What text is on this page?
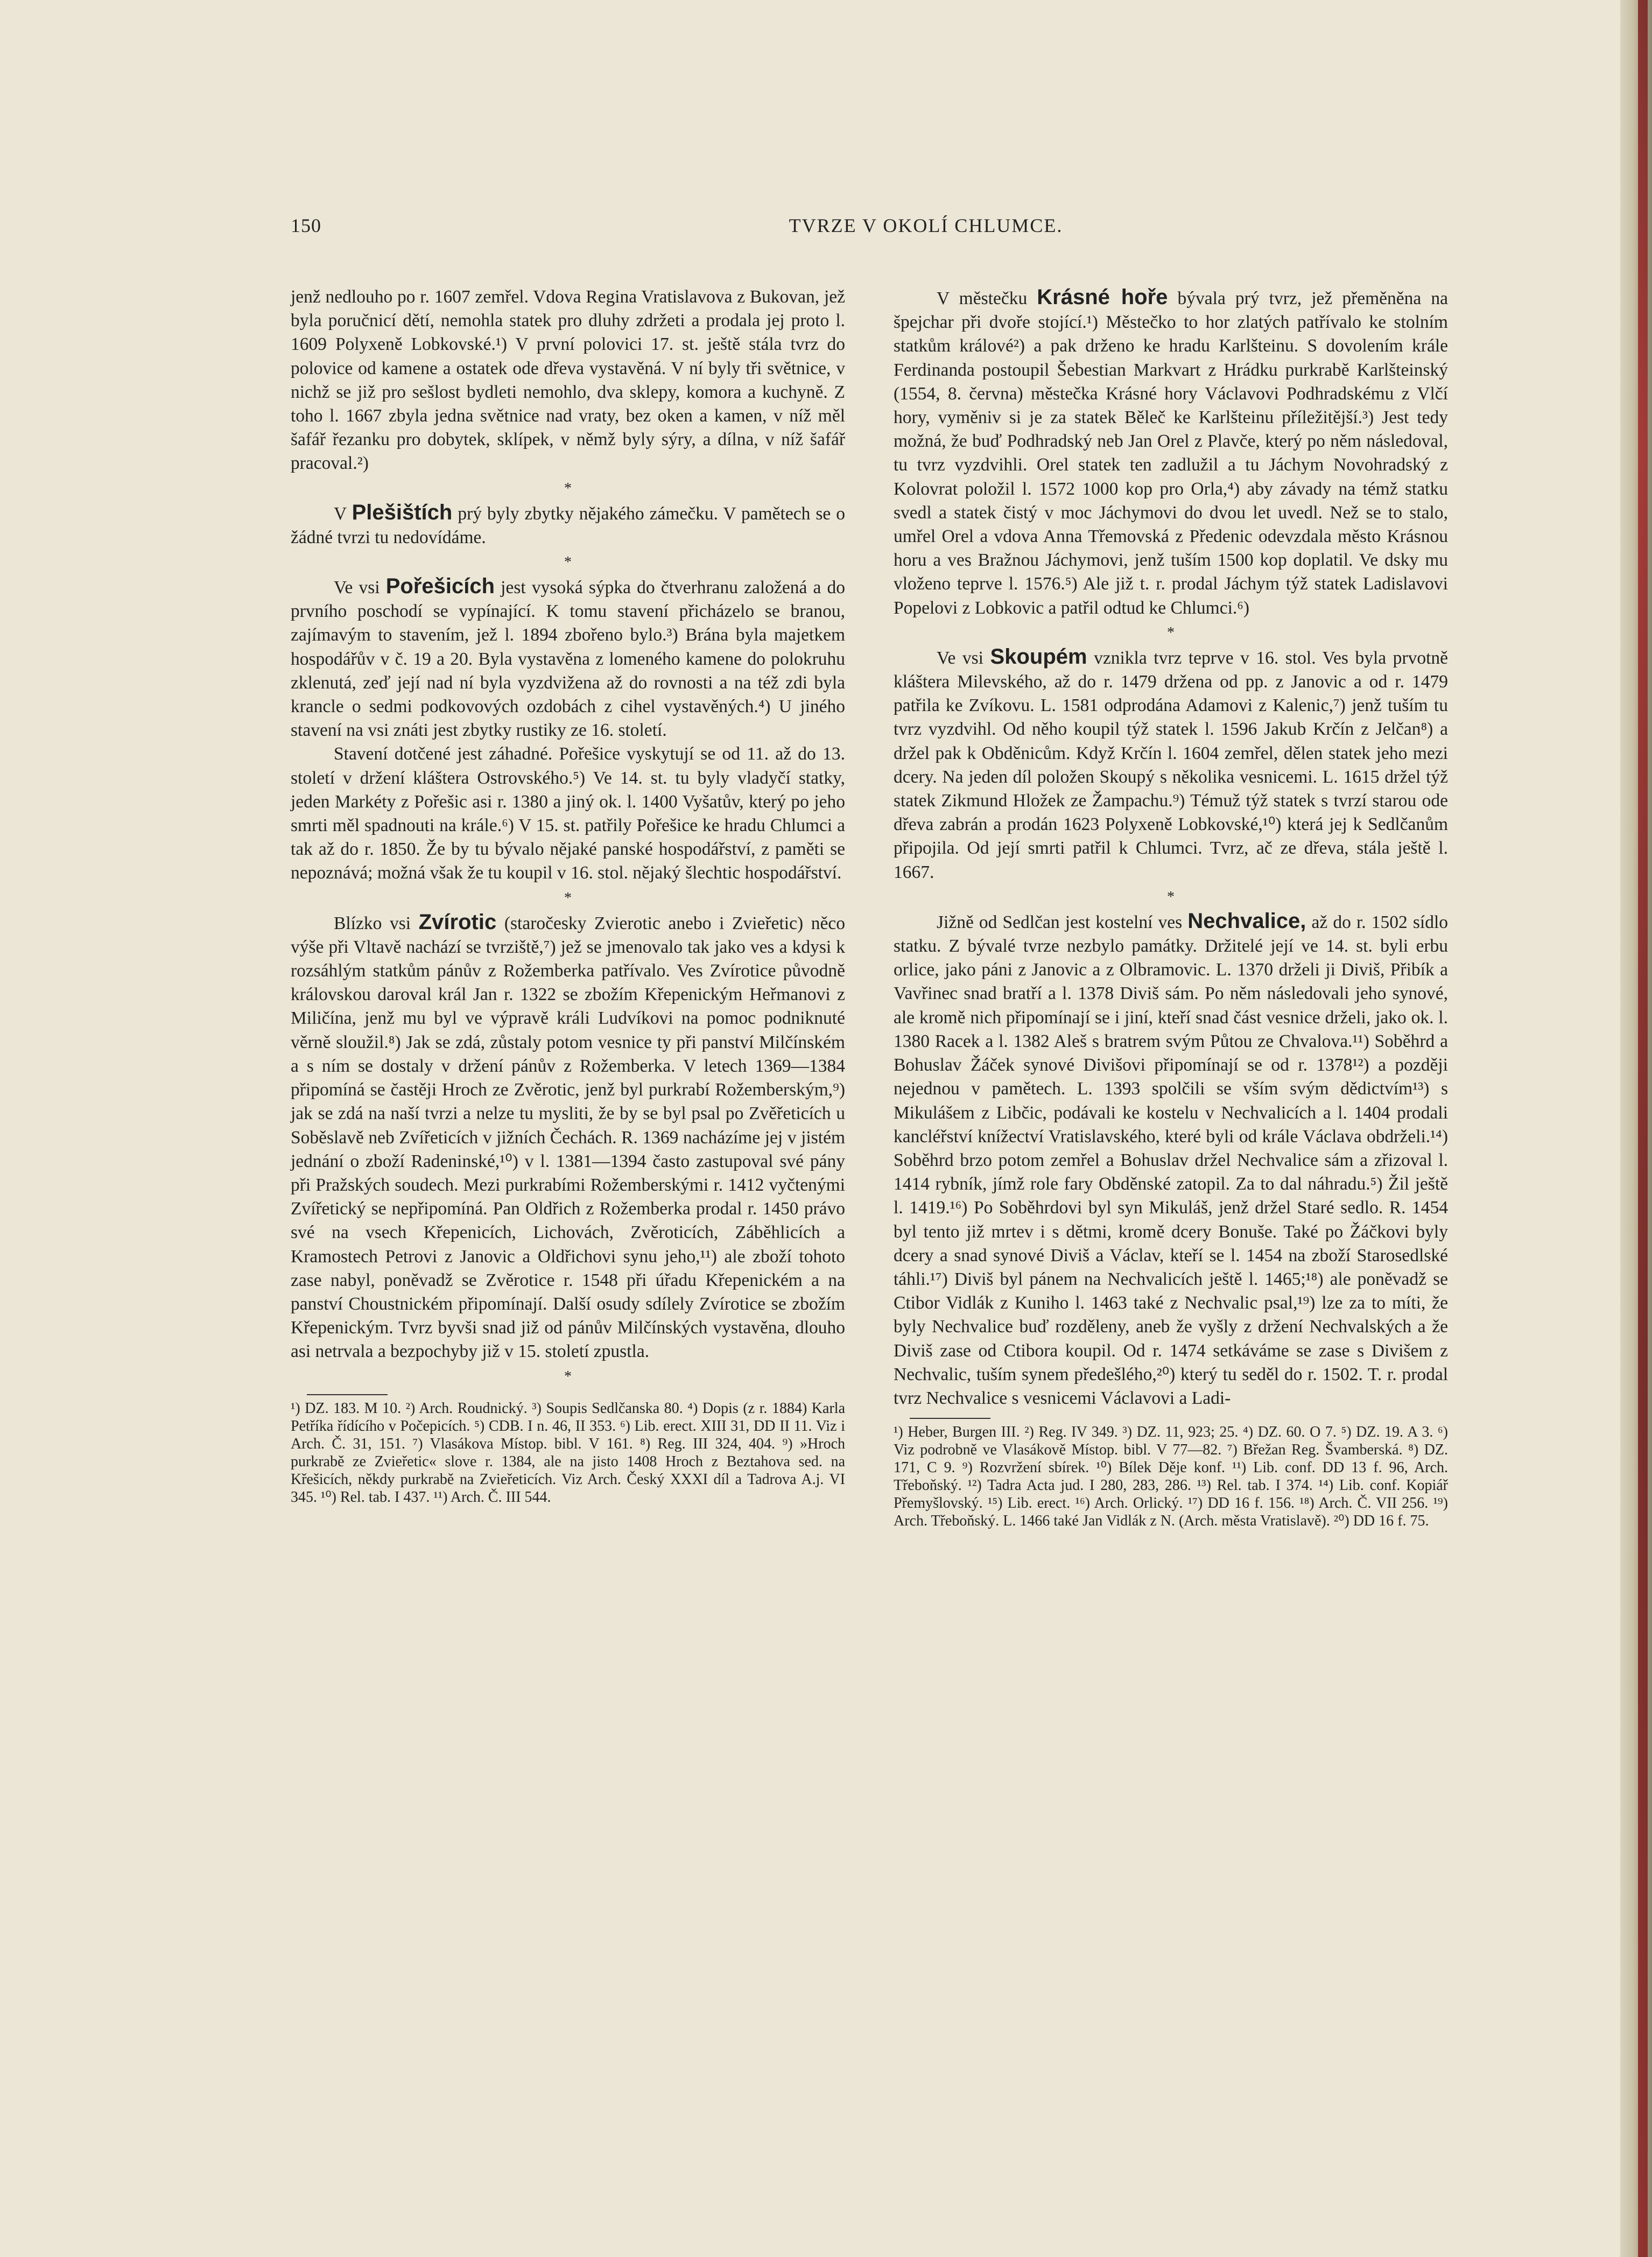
150	TVRZE V OKOLÍ CHLUMCE.

jenž nedlouho po r. 1607 zemřel. Vdova Regina Vratislavova z Bukovan, jež byla poručnicí dětí, nemohla statek pro dluhy zdržeti a prodala jej proto l. 1609 Polyxeně Lobkovské.¹) V první polovici 17. st. ještě stála tvrz do polovice od kamene a ostatek ode dřeva vystavěná. V ní byly tři světnice, v nichž se již pro sešlost bydleti nemohlo, dva sklepy, komora a kuchyně. Z toho l. 1667 zbyla jedna světnice nad vraty, bez oken a kamen, v níž měl šafář řezanku pro dobytek, sklípek, v němž byly sýry, a dílna, v níž šafář pracoval.²)

*

V Plešištích prý byly zbytky nějakého zámečku. V pamětech se o žádné tvrzi tu nedovídáme.

*

Ve vsi Pořešicích jest vysoká sýpka do čtverhranu založená a do prvního poschodí se vypínající. K tomu stavení přicházelo se branou, zajímavým to stavením, jež l. 1894 zbořeno bylo.³) Brána byla majetkem hospodářův v č. 19 a 20. Byla vystavěna z lomeného kamene do polokruhu zklenutá, zeď její nad ní byla vyzdvižena až do rovnosti a na též zdi byla krancle o sedmi podkovových ozdobách z cihel vystavěných.⁴) U jiného stavení na vsi znáti jest zbytky rustiky ze 16. století.

Stavení dotčené jest záhadné. Pořešice vyskytují se od 11. až do 13. století v držení kláštera Ostrovského.⁵) Ve 14. st. tu byly vladyčí statky, jeden Markéty z Pořešic asi r. 1380 a jiný ok. l. 1400 Vyšatův, který po jeho smrti měl spadnouti na krále.⁶) V 15. st. patřily Pořešice ke hradu Chlumci a tak až do r. 1850. Že by tu bývalo nějaké panské hospodářství, z paměti se nepoznává; možná však že tu koupil v 16. stol. nějaký šlechtic hospodářství.

*

Blízko vsi Zvírotic (staročesky Zvierotic anebo i Zvieřetic) něco výše při Vltavě nachází se tvrziště,⁷) jež se jmenovalo tak jako ves a kdysi k rozsáhlým statkům pánův z Rožemberka patřívalo. Ves Zvírotice původně královskou daroval král Jan r. 1322 se zbožím Křepenickým Heřmanovi z Miličína, jenž mu byl ve výpravě králi Ludvíkovi na pomoc podniknuté věrně sloužil.⁸) Jak se zdá, zůstaly potom vesnice ty při panství Milčínském a s ním se dostaly v držení pánův z Rožemberka. V letech 1369—1384 připomíná se častěji Hroch ze Zvěrotic, jenž byl purkrabí Rožemberským,⁹) jak se zdá na naší tvrzi a nelze tu mysliti, že by se byl psal po Zvěřeticích u Soběslavě neb Zvířeticích v jižních Čechách. R. 1369 nacházíme jej v jistém jednání o zboží Radeninské,¹⁰) v l. 1381—1394 často zastupoval své pány při Pražských soudech. Mezi purkrabími Rožemberskými r. 1412 vyčtenými Zvířetický se nepřipomíná. Pan Oldřich z Rožemberka prodal r. 1450 právo své na vsech Křepenicích, Lichovách, Zvěroticích, Záběhlicích a Kramostech Petrovi z Janovic a Oldřichovi synu jeho,¹¹) ale zboží tohoto zase nabyl, poněvadž se Zvěrotice r. 1548 při úřadu Křepenickém a na panství Choustnickém připomínají. Další osudy sdílely Zvírotice se zbožím Křepenickým. Tvrz byvši snad již od pánův Milčínských vystavěna, dlouho asi netrvala a bezpochyby již v 15. století zpustla.

*

¹) DZ. 183. M 10. ²) Arch. Roudnický. ³) Soupis Sedlčanska 80. ⁴) Dopis (z r. 1884) Karla Petříka řídícího v Počepicích. ⁵) CDB. I n. 46, II 353. ⁶) Lib. erect. XIII 31, DD II 11. Viz i Arch. Č. 31, 151. ⁷) Vlasákova Místop. bibl. V 161. ⁸) Reg. III 324, 404. ⁹) »Hroch purkrabě ze Zvieřetic« slove r. 1384, ale na jisto 1408 Hroch z Beztahova sed. na Křešicích, někdy purkrabě na Zvieřeticích. Viz Arch. Český XXXI díl a Tadrova A.j. VI 345. ¹⁰) Rel. tab. I 437. ¹¹) Arch. Č. III 544.

V městečku Krásné hoře bývala prý tvrz, jež přeměněna na špejchar při dvoře stojící.¹) Městečko to hor zlatých patřívalo ke stolním statkům králové²) a pak drženo ke hradu Karlšteinu. S dovolením krále Ferdinanda postoupil Šebestian Markvart z Hrádku purkrabě Karlšteinský (1554, 8. června) městečka Krásné hory Václavovi Podhradskému z Vlčí hory, vyměniv si je za statek Běleč ke Karlšteinu příležitější.³) Jest tedy možná, že buď Podhradský neb Jan Orel z Plavče, který po něm následoval, tu tvrz vyzdvihli. Orel statek ten zadlužil a tu Jáchym Novohradský z Kolovrat položil l. 1572 1000 kop pro Orla,⁴) aby závady na témž statku svedl a statek čistý v moc Jáchymovi do dvou let uvedl. Než se to stalo, umřel Orel a vdova Anna Třemovská z Předenic odevzdala město Krásnou horu a ves Bražnou Jáchymovi, jenž tuším 1500 kop doplatil. Ve dsky mu vloženo teprve l. 1576.⁵) Ale již t. r. prodal Jáchym týž statek Ladislavovi Popelovi z Lobkovic a patřil odtud ke Chlumci.⁶)

*

Ve vsi Skoupém vznikla tvrz teprve v 16. stol. Ves byla prvotně kláštera Milevského, až do r. 1479 držena od pp. z Janovic a od r. 1479 patřila ke Zvíkovu. L. 1581 odprodána Adamovi z Kalenic,⁷) jenž tuším tu tvrz vyzdvihl. Od něho koupil týž statek l. 1596 Jakub Krčín z Jelčan⁸) a držel pak k Obděnicům. Když Krčín l. 1604 zemřel, dělen statek jeho mezi dcery. Na jeden díl položen Skoupý s několika vesnicemi. L. 1615 držel týž statek Zikmund Hložek ze Žampachu.⁹) Témuž týž statek s tvrzí starou ode dřeva zabrán a prodán 1623 Polyxeně Lobkovské,¹⁰) která jej k Sedlčanům připojila. Od její smrti patřil k Chlumci. Tvrz, ač ze dřeva, stála ještě l. 1667.

*

Jižně od Sedlčan jest kostelní ves Nechvalice, až do r. 1502 sídlo statku. Z bývalé tvrze nezbylo památky. Držitelé její ve 14. st. byli erbu orlice, jako páni z Janovic a z Olbramovic. L. 1370 drželi ji Diviš, Přibík a Vavřinec snad bratří a l. 1378 Diviš sám. Po něm následovali jeho synové, ale kromě nich připomínají se i jiní, kteří snad část vesnice drželi, jako ok. l. 1380 Racek a l. 1382 Aleš s bratrem svým Půtou ze Chvalova.¹¹) Soběhrd a Bohuslav Žáček synové Divišovi připomínají se od r. 1378¹²) a později nejednou v pamětech. L. 1393 spolčili se vším svým dědictvím¹³) s Mikulášem z Libčic, podávali ke kostelu v Nechvalicích a l. 1404 prodali kancléřství knížectví Vratislavského, které byli od krále Václava obdrželi.¹⁴) Soběhrd brzo potom zemřel a Bohuslav držel Nechvalice sám a zřizoval l. 1414 rybník, jímž role fary Obděnské zatopil. Za to dal náhradu.⁵) Žil ještě l. 1419.¹⁶) Po Soběhrdovi byl syn Mikuláš, jenž držel Staré sedlo. R. 1454 byl tento již mrtev i s dětmi, kromě dcery Bonuše. Také po Žáčkovi byly dcery a snad synové Diviš a Václav, kteří se l. 1454 na zboží Starosedlské táhli.¹⁷) Diviš byl pánem na Nechvalicích ještě l. 1465;¹⁸) ale poněvadž se Ctibor Vidlák z Kuniho l. 1463 také z Nechvalic psal,¹⁹) lze za to míti, že byly Nechvalice buď rozděleny, aneb že vyšly z držení Nechvalských a že Diviš zase od Ctibora koupil. Od r. 1474 setkáváme se zase s Divišem z Nechvalic, tuším synem předešlého,²⁰) který tu seděl do r. 1502. T. r. prodal tvrz Nechvalice s vesnicemi Václavovi a Ladi-

¹) Heber, Burgen III. ²) Reg. IV 349. ³) DZ. 11, 923; 25. ⁴) DZ. 60. O 7. ⁵) DZ. 19. A 3. ⁶) Viz podrobně ve Vlasákově Místop. bibl. V 77—82. ⁷) Břežan Reg. Švamberská. ⁸) DZ. 171, C 9. ⁹) Rozvržení sbírek. ¹⁰) Bílek Děje konf. ¹¹) Lib. conf. DD 13 f. 96, Arch. Třeboňský. ¹²) Tadra Acta jud. I 280, 283, 286. ¹³) Rel. tab. I 374. ¹⁴) Lib. conf. Kopiář Přemyšlovský. ¹⁵) Lib. erect. ¹⁶) Arch. Orlický. ¹⁷) DD 16 f. 156. ¹⁸) Arch. Č. VII 256. ¹⁹) Arch. Třeboňský. L. 1466 také Jan Vidlák z N. (Arch. města Vratislavě). ²⁰) DD 16 f. 75.
